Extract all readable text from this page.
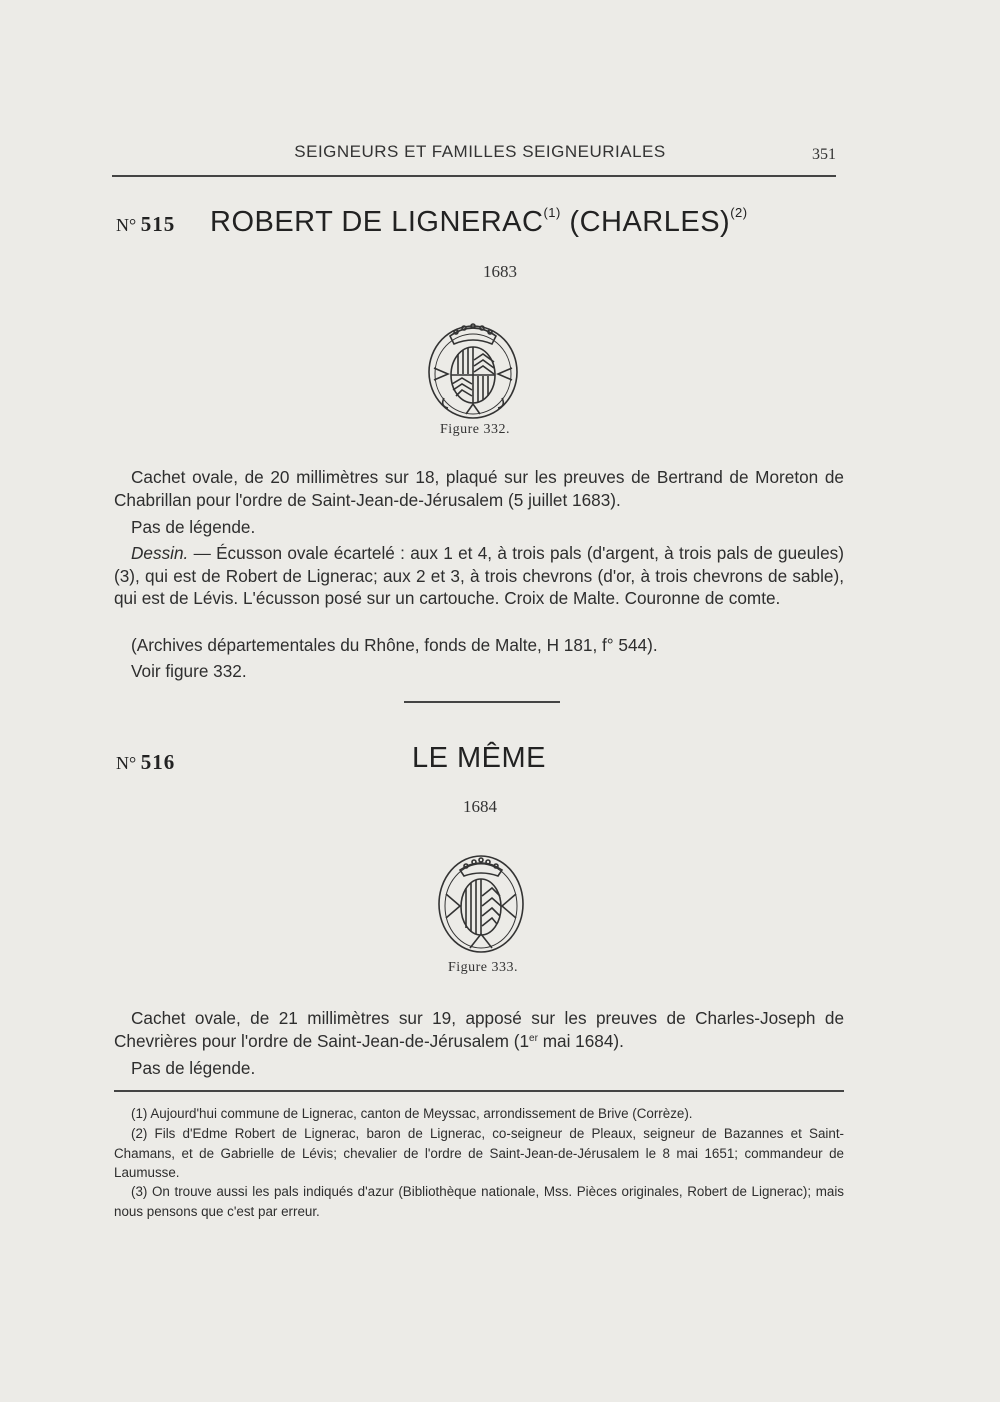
SEIGNEURS ET FAMILLES SEIGNEURIALES	351
N° 515 ROBERT DE LIGNERAC$^{(1)}$ (CHARLES)$^{(2)}$
1683
Figure 332.
Cachet ovale, de 20 millimètres sur 18, plaqué sur les preuves de Bertrand de Moreton de Chabrillan pour l'ordre de Saint-Jean-de-Jérusalem (5 juillet 1683).
Pas de légende.
Dessin. — Écusson ovale écartelé : aux 1 et 4, à trois pals (d'argent, à trois pals de gueules) (3), qui est de Robert de Lignerac; aux 2 et 3, à trois chevrons (d'or, à trois chevrons de sable), qui est de Lévis. L'écusson posé sur un cartouche. Croix de Malte. Couronne de comte.
(Archives départementales du Rhône, fonds de Malte, H 181, f° 544).
Voir figure 332.
N° 516	LE MÊME
1684
Figure 333.
Cachet ovale, de 21 millimètres sur 19, apposé sur les preuves de Charles-Joseph de Chevrières pour l'ordre de Saint-Jean-de-Jérusalem (1er mai 1684).
Pas de légende.
(1) Aujourd'hui commune de Lignerac, canton de Meyssac, arrondissement de Brive (Corrèze).
(2) Fils d'Edme Robert de Lignerac, baron de Lignerac, co-seigneur de Pleaux, seigneur de Bazannes et Saint-Chamans, et de Gabrielle de Lévis; chevalier de l'ordre de Saint-Jean-de-Jérusalem le 8 mai 1651; commandeur de Laumusse.
(3) On trouve aussi les pals indiqués d'azur (Bibliothèque nationale, Mss. Pièces originales, Robert de Lignerac); mais nous pensons que c'est par erreur.
